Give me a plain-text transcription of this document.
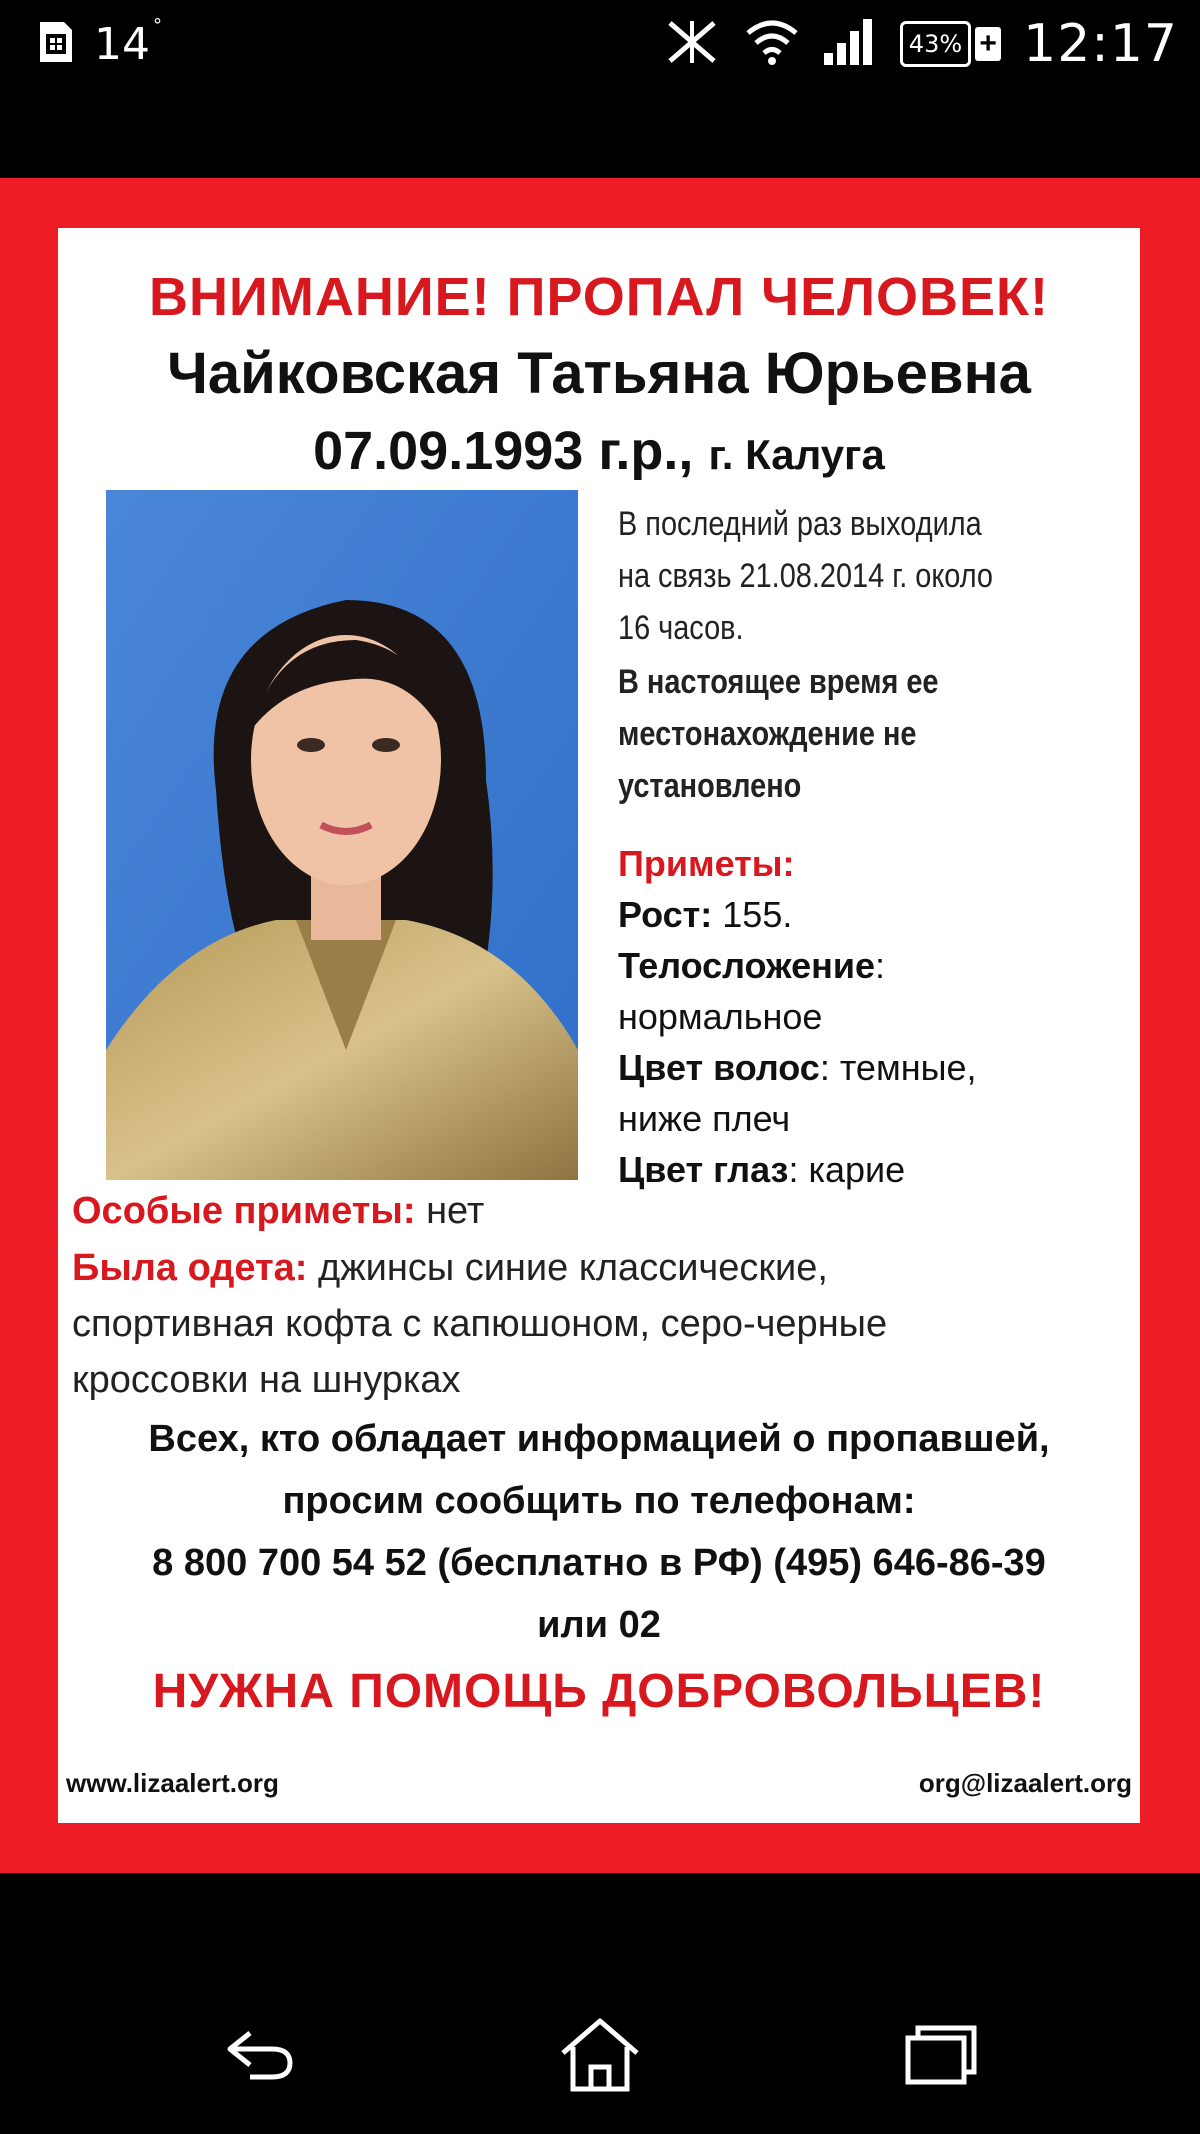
14 °
43% + 12:17
ВНИМАНИЕ! ПРОПАЛ ЧЕЛОВЕК!
Чайковская Татьяна Юрьевна
07.09.1993 г.р., г. Калуга
В последний раз выходила
на связь 21.08.2014 г. около
16 часов.
В настоящее время ее
местонахождение не
установлено
Приметы:
Рост: 155.
Телосложение:
нормальное
Цвет волос: темные,
ниже плеч
Цвет глаз: карие
Особые приметы: нет
Была одета: джинсы синие классические,
спортивная кофта с капюшоном, серо-черные
кроссовки на шнурках
Всех, кто обладает информацией о пропавшей,
просим сообщить по телефонам:
8 800 700 54 52 (бесплатно в РФ) (495) 646-86-39
или 02
НУЖНА ПОМОЩЬ ДОБРОВОЛЬЦЕВ!
www.lizaalert.org	org@lizaalert.org
